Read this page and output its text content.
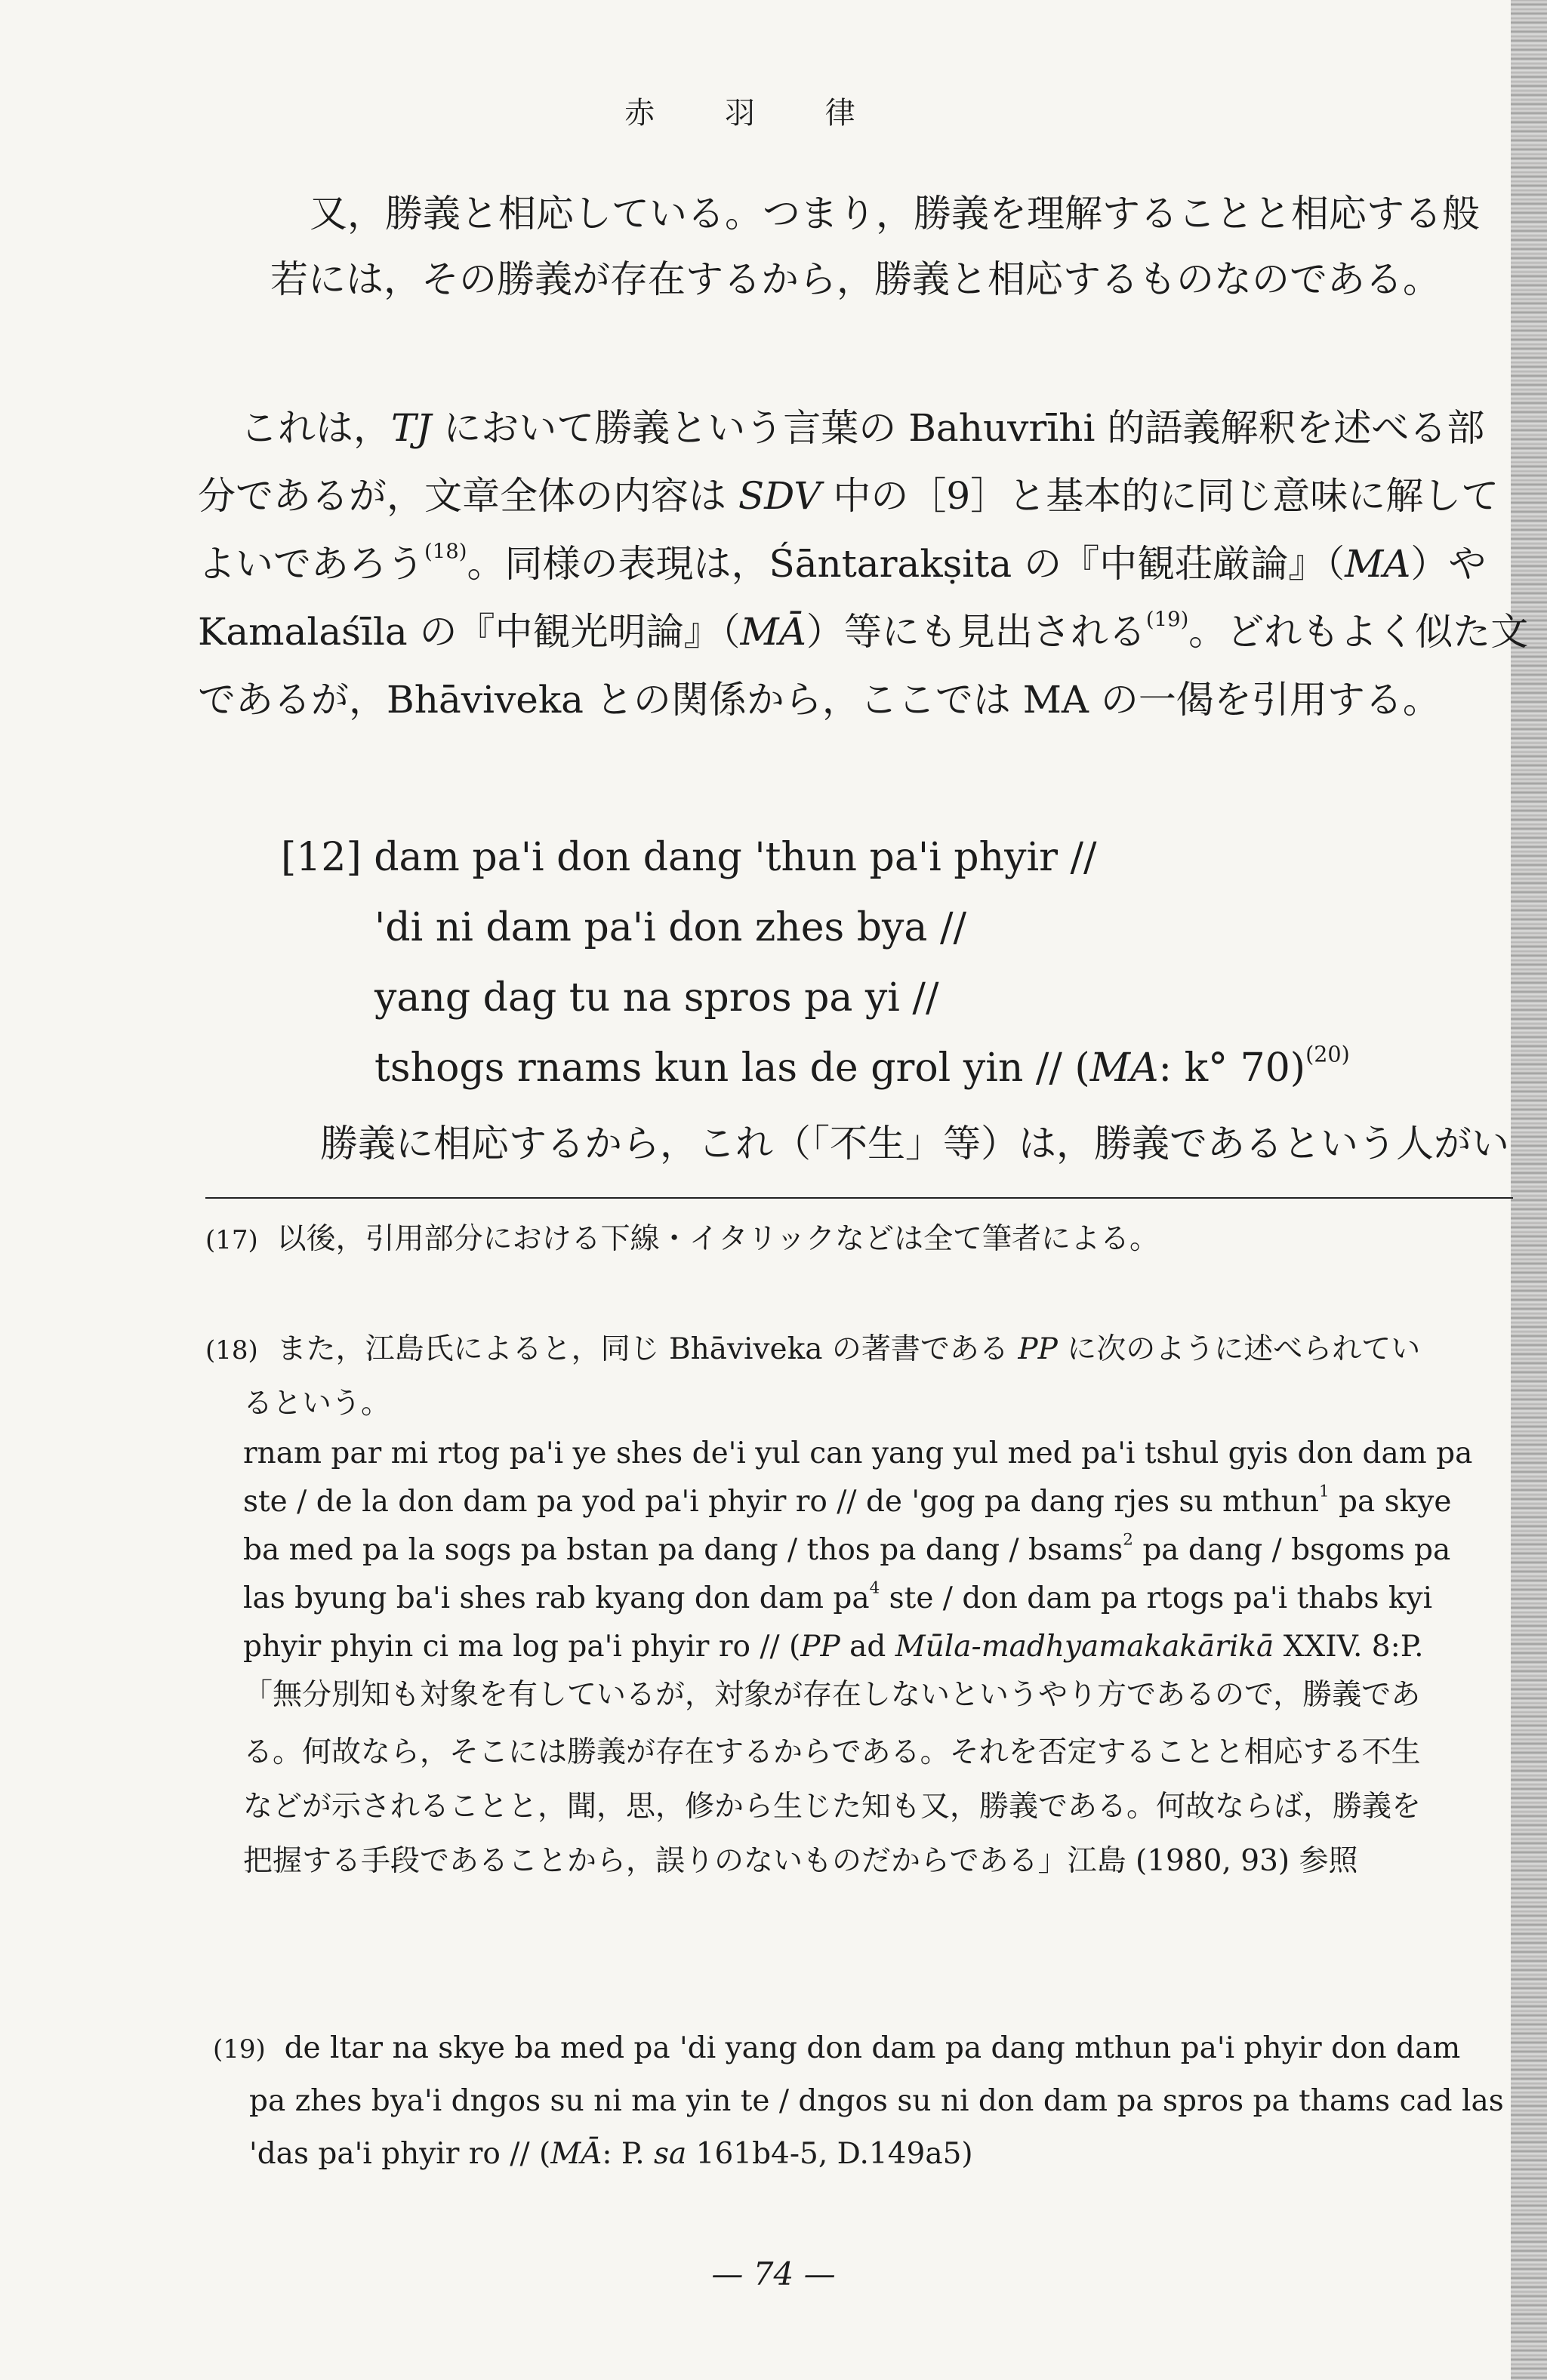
赤 羽 律
又，勝義と相応している。つまり，勝義を理解することと相応する般
若には，その勝義が存在するから，勝義と相応するものなのである。
これは，TJ において勝義という言葉の Bahuvrīhi 的語義解釈を述べる部
分であるが，文章全体の内容は SDV 中の［9］と基本的に同じ意味に解して
よいであろう$^{(18)}$。同様の表現は，Śāntarakṣita の『中観荘厳論』（MA）や
Kamalaśīla の『中観光明論』（MĀ）等にも見出される$^{(19)}$。どれもよく似た文
であるが，Bhāviveka との関係から，ここでは MA の一偈を引用する。
[12] dam pa'i don dang 'thun pa'i phyir //
'di ni dam pa'i don zhes bya //
yang dag tu na spros pa yi //
tshogs rnams kun las de grol yin // (MA: k° 70)$^{(20)}$
勝義に相応するから，これ（「不生」等）は，勝義であるという人がい
(17) 以後，引用部分における下線・イタリックなどは全て筆者による。
(18)  また，江島氏によると，同じ Bhāviveka の著書である PP に次のように述べられてい
るという。
rnam par mi rtog pa'i ye shes de'i yul can yang yul med pa'i tshul gyis don dam pa
ste / de la don dam pa yod pa'i phyir ro // de 'gog pa dang rjes su mthun$^1$ pa skye
ba med pa la sogs pa bstan pa dang / thos pa dang / bsams$^2$ pa dang / bsgoms pa
las byung ba'i shes rab kyang don dam $pa^4$ ste / don dam pa rtogs pa'i thabs kyi
phyir phyin ci ma log pa'i phyir ro // (PP ad Mūla-madhyamakakārikā XXIV. 8:P.
「無分別知も対象を有しているが，対象が存在しないというやり方であるので，勝義であ
る。何故なら，そこには勝義が存在するからである。それを否定することと相応する不生
などが示されることと，聞，思，修から生じた知も又，勝義である。何故ならば，勝義を
把握する手段であることから，誤りのないものだからである」江島 (1980, 93) 参照
(19) de ltar na skye ba med pa 'di yang don dam pa dang mthun pa'i phyir don dam
pa zhes bya'i dngos su ni ma yin te / dngos su ni don dam pa spros pa thams cad las
'das pa'i phyir ro // (MĀ: P. sa 161b4-5, D.149a5)
— 74 —
